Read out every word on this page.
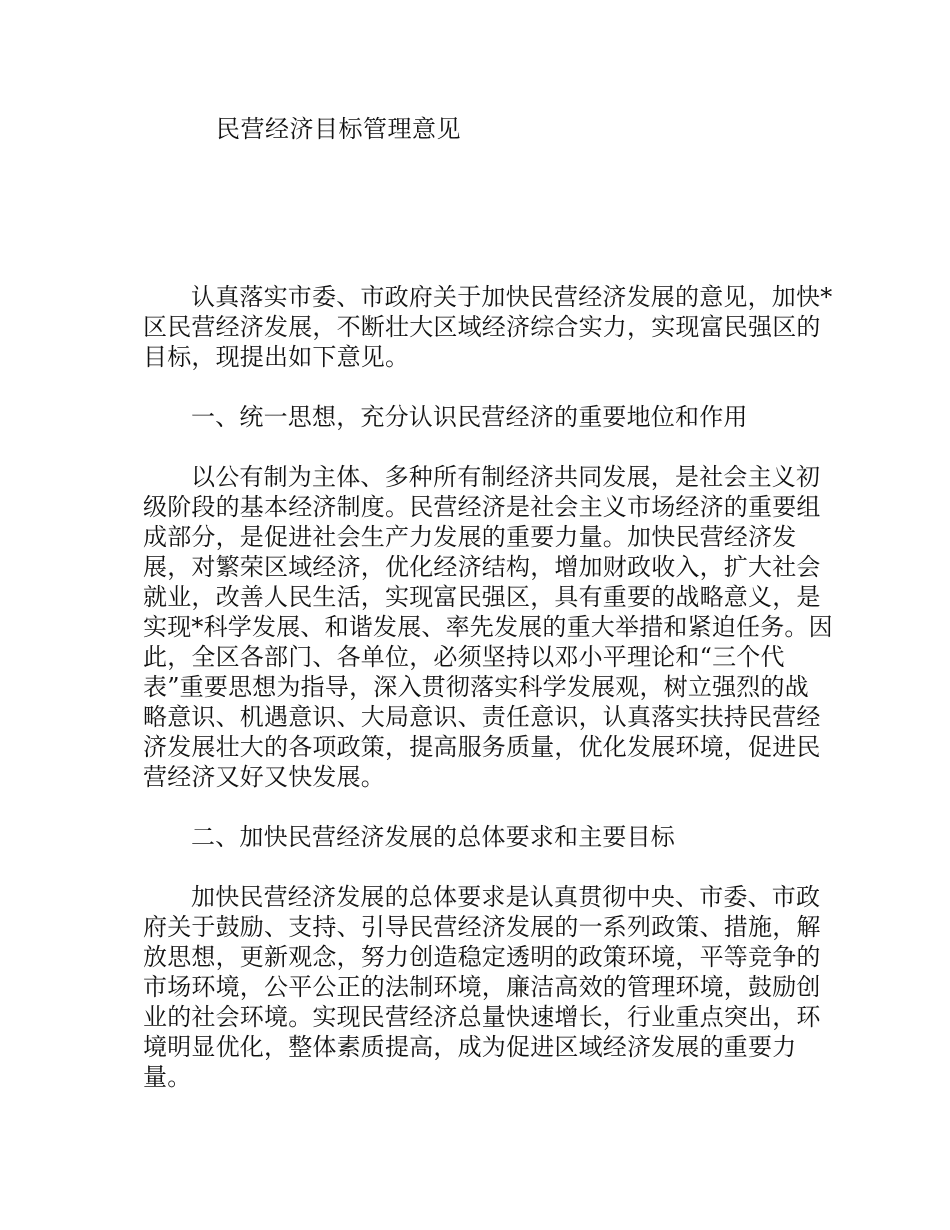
民营经济目标管理意见

认真落实市委、市政府关于加快民营经济发展的意见，加快*区民营经济发展，不断壮大区域经济综合实力，实现富民强区的目标，现提出如下意见。

一、统一思想，充分认识民营经济的重要地位和作用

以公有制为主体、多种所有制经济共同发展，是社会主义初级阶段的基本经济制度。民营经济是社会主义市场经济的重要组成部分，是促进社会生产力发展的重要力量。加快民营经济发展，对繁荣区域经济，优化经济结构，增加财政收入，扩大社会就业，改善人民生活，实现富民强区，具有重要的战略意义，是实现*科学发展、和谐发展、率先发展的重大举措和紧迫任务。因此，全区各部门、各单位，必须坚持以邓小平理论和“三个代表”重要思想为指导，深入贯彻落实科学发展观，树立强烈的战略意识、机遇意识、大局意识、责任意识，认真落实扶持民营经济发展壮大的各项政策，提高服务质量，优化发展环境，促进民营经济又好又快发展。

二、加快民营经济发展的总体要求和主要目标

加快民营经济发展的总体要求是认真贯彻中央、市委、市政府关于鼓励、支持、引导民营经济发展的一系列政策、措施，解放思想，更新观念，努力创造稳定透明的政策环境，平等竞争的市场环境，公平公正的法制环境，廉洁高效的管理环境，鼓励创业的社会环境。实现民营经济总量快速增长，行业重点突出，环境明显优化，整体素质提高，成为促进区域经济发展的重要力量。
